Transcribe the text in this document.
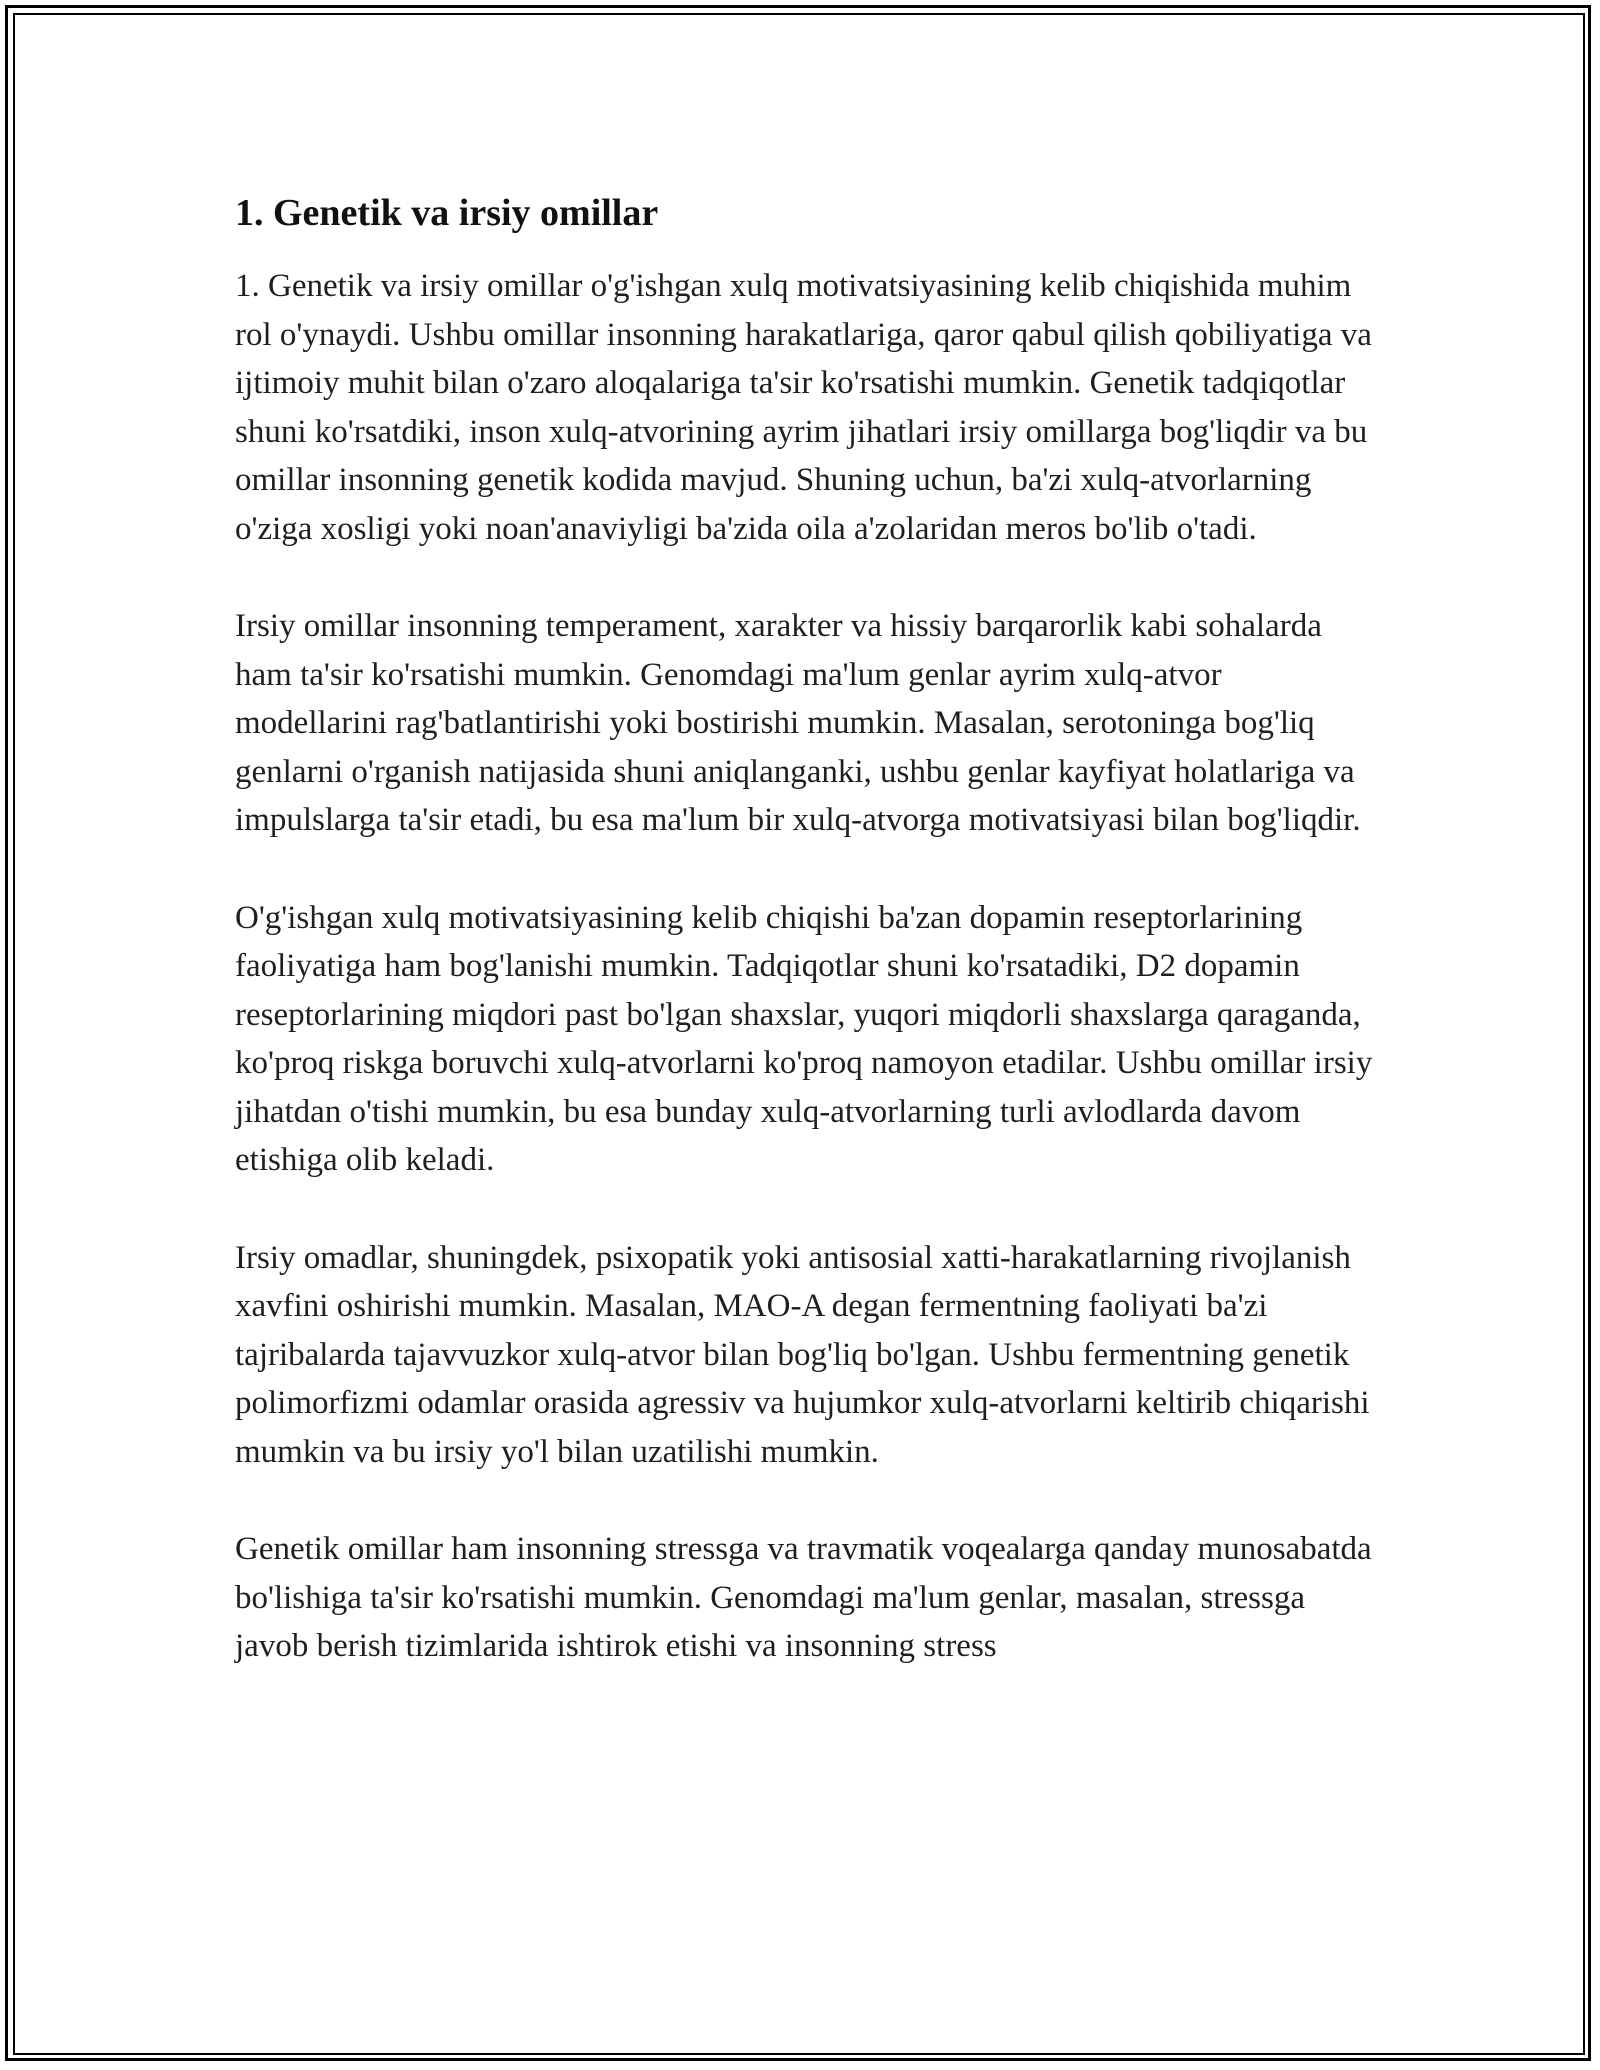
1. Genetik va irsiy omillar

1. Genetik va irsiy omillar o'g'ishgan xulq motivatsiyasining kelib chiqishida muhim rol o'ynaydi. Ushbu omillar insonning harakatlariga, qaror qabul qilish qobiliyatiga va ijtimoiy muhit bilan o'zaro aloqalariga ta'sir ko'rsatishi mumkin. Genetik tadqiqotlar shuni ko'rsatdiki, inson xulq-atvorining ayrim jihatlari irsiy omillarga bog'liqdir va bu omillar insonning genetik kodida mavjud. Shuning uchun, ba'zi xulq-atvorlarning o'ziga xosligi yoki noan'anaviyligi ba'zida oila a'zolaridan meros bo'lib o'tadi.

Irsiy omillar insonning temperament, xarakter va hissiy barqarorlik kabi sohalarda ham ta'sir ko'rsatishi mumkin. Genomdagi ma'lum genlar ayrim xulq-atvor modellarini rag'batlantirishi yoki bostirishi mumkin. Masalan, serotoninga bog'liq genlarni o'rganish natijasida shuni aniqlanganki, ushbu genlar kayfiyat holatlariga va impulslarga ta'sir etadi, bu esa ma'lum bir xulq-atvorga motivatsiyasi bilan bog'liqdir.

O'g'ishgan xulq motivatsiyasining kelib chiqishi ba'zan dopamin reseptorlarining faoliyatiga ham bog'lanishi mumkin. Tadqiqotlar shuni ko'rsatadiki, D2 dopamin reseptorlarining miqdori past bo'lgan shaxslar, yuqori miqdorli shaxslarga qaraganda, ko'proq riskga boruvchi xulq-atvorlarni ko'proq namoyon etadilar. Ushbu omillar irsiy jihatdan o'tishi mumkin, bu esa bunday xulq-atvorlarning turli avlodlarda davom etishiga olib keladi.

Irsiy omadlar, shuningdek, psixopatik yoki antisosial xatti-harakatlarning rivojlanish xavfini oshirishi mumkin. Masalan, MAO-A degan fermentning faoliyati ba'zi tajribalarda tajavvuzkor xulq-atvor bilan bog'liq bo'lgan. Ushbu fermentning genetik polimorfizmi odamlar orasida agressiv va hujumkor xulq-atvorlarni keltirib chiqarishi mumkin va bu irsiy yo'l bilan uzatilishi mumkin.

Genetik omillar ham insonning stressga va travmatik voqealarga qanday munosabatda bo'lishiga ta'sir ko'rsatishi mumkin. Genomdagi ma'lum genlar, masalan, stressga javob berish tizimlarida ishtirok etishi va insonning stress
